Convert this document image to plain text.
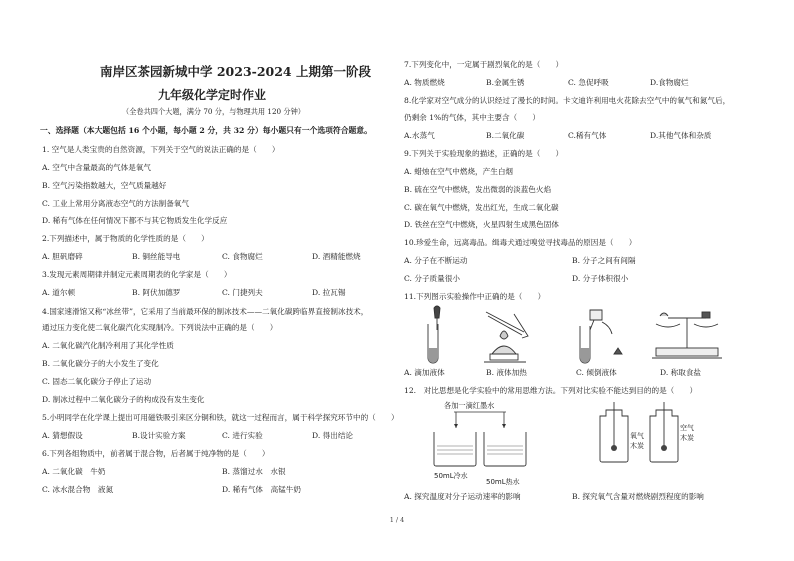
南岸区茶园新城中学 2023-2024 上期第一阶段
九年级化学定时作业
（全卷共四个大题，满分 70 分，与物理共用 120 分钟）
一、选择题（本大题包括 16 个小题，每小题 2 分，共 32 分）每小题只有一个选项符合题意。
1. 空气是人类宝贵的自然资源，下列关于空气的说法正确的是（　　）
A. 空气中含量最高的气体是氧气
B. 空气污染指数越大，空气质量越好
C. 工业上常用分离液态空气的方法制备氧气
D. 稀有气体在任何情况下都不与其它物质发生化学反应
2.下列描述中，属于物质的化学性质的是（　　）
A. 胆矾磨碎	B. 铜丝能导电	C. 食物腐烂	D. 酒精能燃烧
3.发现元素周期律并制定元素周期表的化学家是（　　）
A. 道尔顿	B. 阿伏加德罗	C. 门捷列夫	D. 拉瓦锡
4.国家速滑馆又称“冰丝带”，它采用了当前最环保的制冰技术——二氧化碳跨临界直接制冰技术，
通过压力变化使二氧化碳汽化实现制冷。下列说法中正确的是（　　）
A. 二氧化碳汽化制冷利用了其化学性质
B. 二氧化碳分子的大小发生了变化
C. 固态二氧化碳分子停止了运动
D. 制冰过程中二氧化碳分子的构成没有发生变化
5.小明同学在化学课上提出可用磁铁吸引来区分铜和铁，就这一过程而言，属于科学探究环节中的（　　）
A. 猜想假设	B.设计实验方案	C. 进行实验	D. 得出结论
6.下列各组物质中，前者属于混合物，后者属于纯净物的是（　　）
A. 二氧化碳　牛奶	B. 蒸馏过水　水银
C. 冰水混合物　液氮	D. 稀有气体　高锰牛奶
7.下列变化中，一定属于剧烈氧化的是（　　）
A. 物质燃烧	B.金属生锈	C. 急促呼吸	D.食物腐烂
8.化学家对空气成分的认识经过了漫长的时间。卡文迪许利用电火花除去空气中的氧气和氮气后，
仍剩余 1%的气体，其中主要含（　　）
A.水蒸气	B.二氧化碳	C.稀有气体	D.其他气体和杂质
9.下列关于实验现象的描述，正确的是（　　）
A. 蜡烛在空气中燃烧，产生白烟
B. 硫在空气中燃烧，发出微弱的淡蓝色火焰
C. 碳在氧气中燃烧，发出红光，生成二氧化碳
D. 铁丝在空气中燃烧，火星四射生成黑色固体
10.珍爱生命，远离毒品。缉毒犬通过嗅觉寻找毒品的原因是（　　）
A. 分子在不断运动	B. 分子之间有间隔
C. 分子质量很小	D. 分子体积很小
11.下列图示实验操作中正确的是（　　）
A. 滴加液体	B. 液体加热	C. 倾倒液体	D. 称取食盐
12.　对比思想是化学实验中的常用思维方法。下列对比实验不能达到目的的是（　　）
各加一滴红墨水
50mL冷水
50mL热水
氧气
木炭
空气
木炭
A. 探究温度对分子运动速率的影响	B. 探究氧气含量对燃烧剧烈程度的影响
1 / 4
